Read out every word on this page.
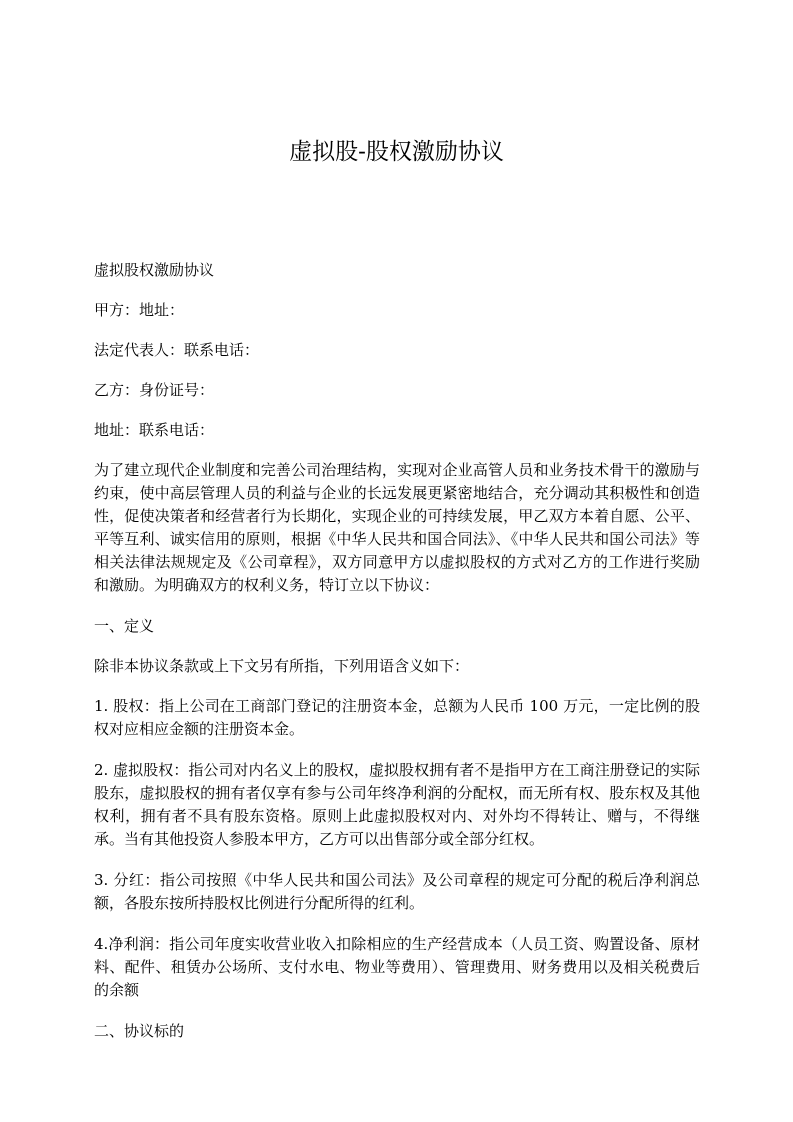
虚拟股-股权激励协议

虚拟股权激励协议

甲方：地址：

法定代表人：联系电话：

乙方：身份证号：

地址：联系电话：

为了建立现代企业制度和完善公司治理结构，实现对企业高管人员和业务技术骨干的激励与约束，使中高层管理人员的利益与企业的长远发展更紧密地结合，充分调动其积极性和创造性，促使决策者和经营者行为长期化，实现企业的可持续发展，甲乙双方本着自愿、公平、平等互利、诚实信用的原则，根据《中华人民共和国合同法》、《中华人民共和国公司法》等相关法律法规规定及《公司章程》，双方同意甲方以虚拟股权的方式对乙方的工作进行奖励和激励。为明确双方的权利义务，特订立以下协议：

一、定义

除非本协议条款或上下文另有所指，下列用语含义如下：

1. 股权：指上公司在工商部门登记的注册资本金，总额为人民币 100 万元，一定比例的股权对应相应金额的注册资本金。

2. 虚拟股权：指公司对内名义上的股权，虚拟股权拥有者不是指甲方在工商注册登记的实际股东，虚拟股权的拥有者仅享有参与公司年终净利润的分配权，而无所有权、股东权及其他权利，拥有者不具有股东资格。原则上此虚拟股权对内、对外均不得转让、赠与，不得继承。当有其他投资人参股本甲方，乙方可以出售部分或全部分红权。

3. 分红：指公司按照《中华人民共和国公司法》及公司章程的规定可分配的税后净利润总额，各股东按所持股权比例进行分配所得的红利。

4.净利润：指公司年度实收营业收入扣除相应的生产经营成本（人员工资、购置设备、原材料、配件、租赁办公场所、支付水电、物业等费用）、管理费用、财务费用以及相关税费后的余额

二、协议标的
